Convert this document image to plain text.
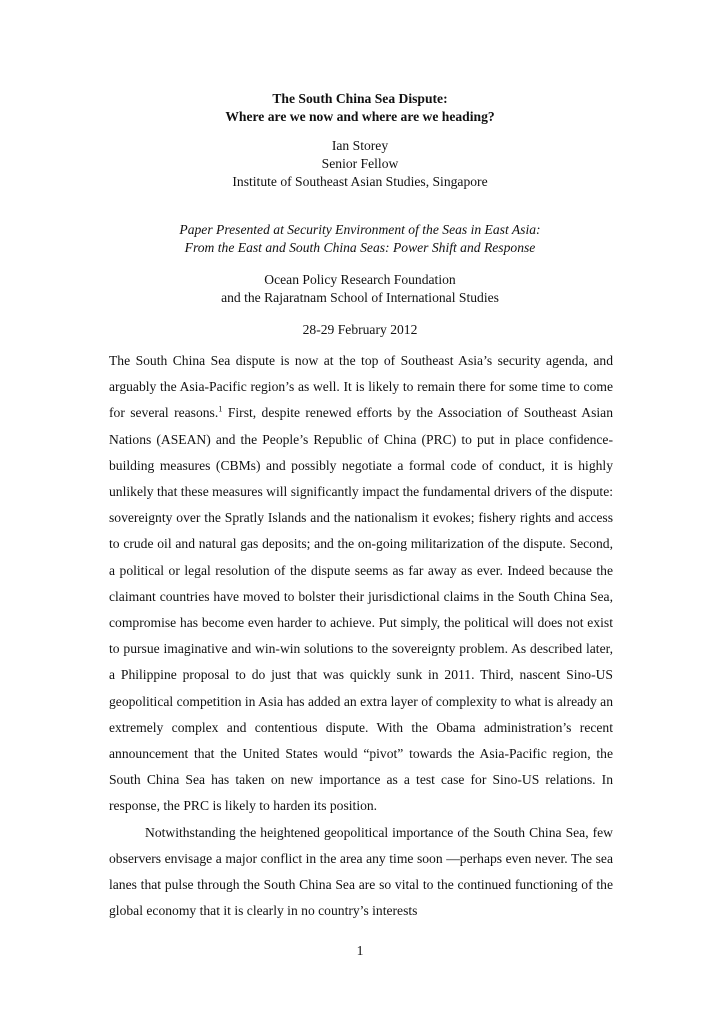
The South China Sea Dispute:
Where are we now and where are we heading?
Ian Storey
Senior Fellow
Institute of Southeast Asian Studies, Singapore
Paper Presented at Security Environment of the Seas in East Asia:
From the East and South China Seas: Power Shift and Response
Ocean Policy Research Foundation
and the Rajaratnam School of International Studies
28-29 February 2012

The South China Sea dispute is now at the top of Southeast Asia’s security agenda, and arguably the Asia-Pacific region’s as well. It is likely to remain there for some time to come for several reasons.$^1$ First, despite renewed efforts by the Association of Southeast Asian Nations (ASEAN) and the People’s Republic of China (PRC) to put in place confidence-building measures (CBMs) and possibly negotiate a formal code of conduct, it is highly unlikely that these measures will significantly impact the fundamental drivers of the dispute: sovereignty over the Spratly Islands and the nationalism it evokes; fishery rights and access to crude oil and natural gas deposits; and the on-going militarization of the dispute. Second, a political or legal resolution of the dispute seems as far away as ever. Indeed because the claimant countries have moved to bolster their jurisdictional claims in the South China Sea, compromise has become even harder to achieve. Put simply, the political will does not exist to pursue imaginative and win-win solutions to the sovereignty problem. As described later, a Philippine proposal to do just that was quickly sunk in 2011. Third, nascent Sino-US geopolitical competition in Asia has added an extra layer of complexity to what is already an extremely complex and contentious dispute. With the Obama administration’s recent announcement that the United States would “pivot” towards the Asia-Pacific region, the South China Sea has taken on new importance as a test case for Sino-US relations. In response, the PRC is likely to harden its position.

Notwithstanding the heightened geopolitical importance of the South China Sea, few observers envisage a major conflict in the area any time soon ―perhaps even never. The sea lanes that pulse through the South China Sea are so vital to the continued functioning of the global economy that it is clearly in no country’s interests

1
